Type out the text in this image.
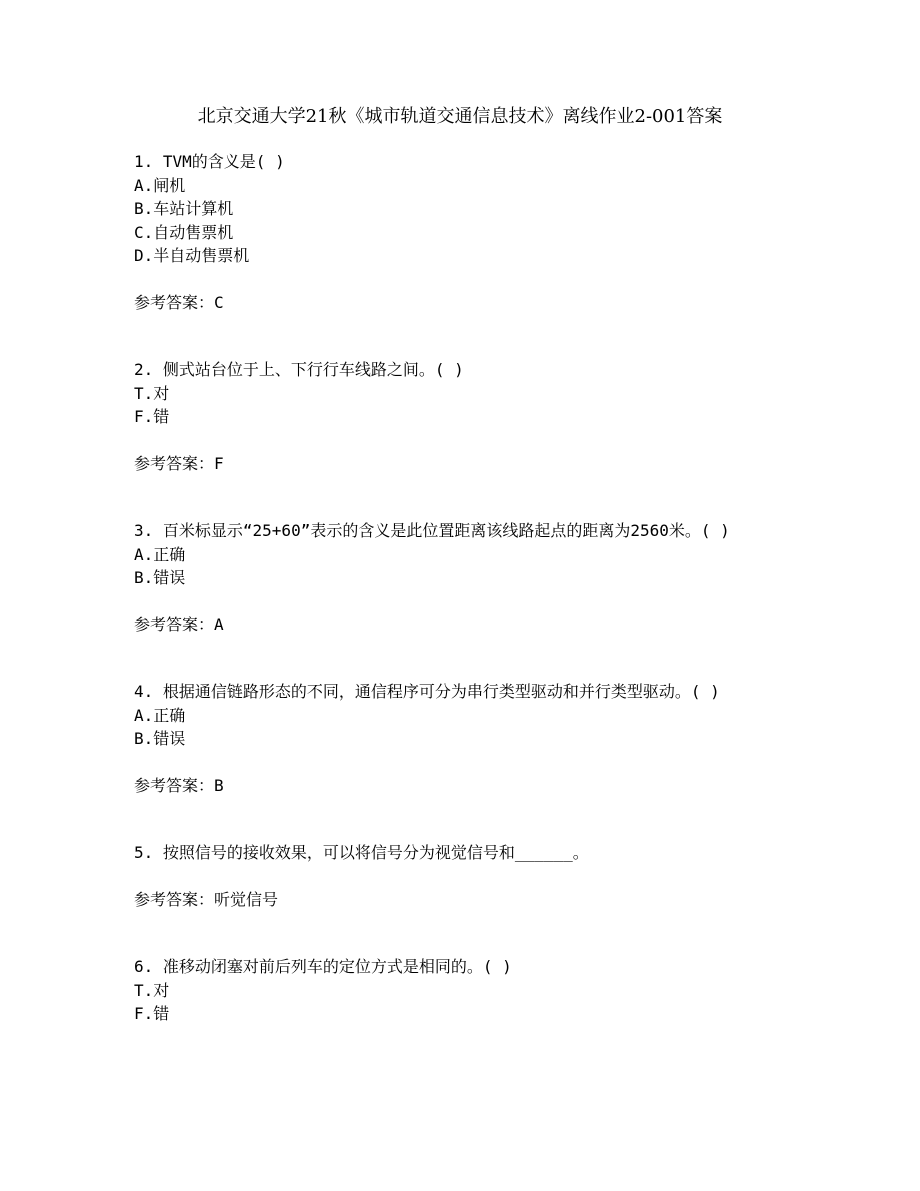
北京交通大学21秋《城市轨道交通信息技术》离线作业2-001答案
1. TVM的含义是( )
A.闸机
B.车站计算机
C.自动售票机
D.半自动售票机
参考答案：C
2. 侧式站台位于上、下行行车线路之间。( )
T.对
F.错
参考答案：F
3. 百米标显示“25+60”表示的含义是此位置距离该线路起点的距离为2560米。( )
A.正确
B.错误
参考答案：A
4. 根据通信链路形态的不同，通信程序可分为串行类型驱动和并行类型驱动。( )
A.正确
B.错误
参考答案：B
5. 按照信号的接收效果，可以将信号分为视觉信号和______。
参考答案：听觉信号
6. 准移动闭塞对前后列车的定位方式是相同的。( )
T.对
F.错
